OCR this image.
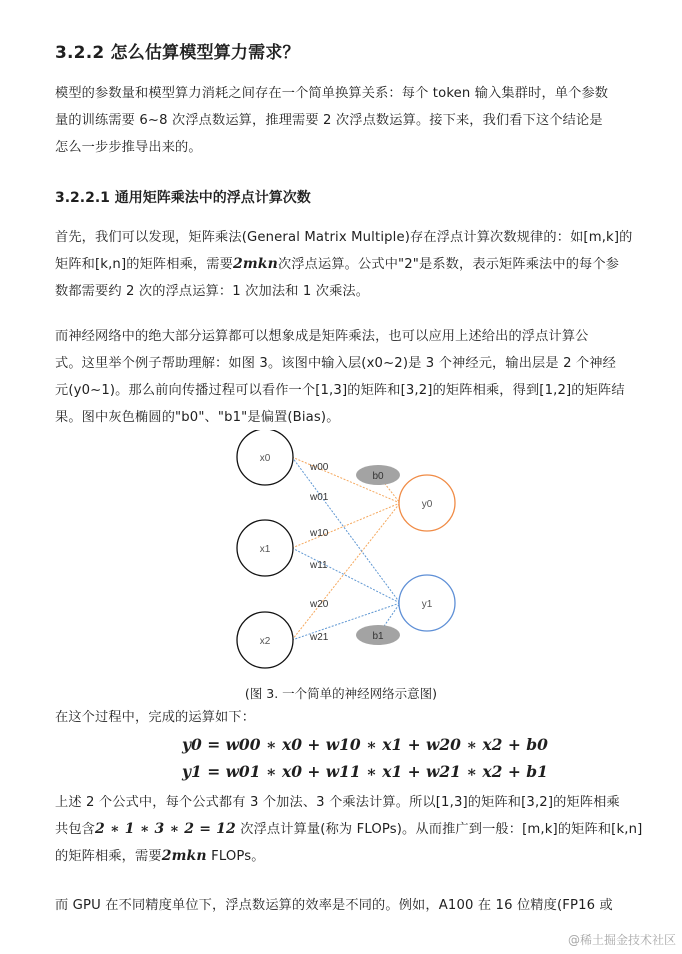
3.2.2 怎么估算模型算力需求？
模型的参数量和模型算力消耗之间存在一个简单换算关系：每个 token 输入集群时，单个参数
量的训练需要 6~8 次浮点数运算，推理需要 2 次浮点数运算。接下来，我们看下这个结论是
怎么一步步推导出来的。
3.2.2.1 通用矩阵乘法中的浮点计算次数
首先，我们可以发现，矩阵乘法(General Matrix Multiple)存在浮点计算次数规律的：如[m,k]的
矩阵和[k,n]的矩阵相乘，需要2mkn次浮点运算。公式中"2"是系数，表示矩阵乘法中的每个参
数都需要约 2 次的浮点运算：1 次加法和 1 次乘法。
而神经网络中的绝大部分运算都可以想象成是矩阵乘法，也可以应用上述给出的浮点计算公
式。这里举个例子帮助理解：如图 3。该图中输入层(x0~2)是 3 个神经元，输出层是 2 个神经
元(y0~1)。那么前向传播过程可以看作一个[1,3]的矩阵和[3,2]的矩阵相乘，得到[1,2]的矩阵结
果。图中灰色椭圆的"b0"、"b1"是偏置(Bias)。
x0
x1
x2
y0
y1
b0
b1
w00
w01
w10
w11
w20
w21
(图 3. 一个简单的神经网络示意图)
在这个过程中，完成的运算如下：
y0 = w00 ∗ x0 + w10 ∗ x1 + w20 ∗ x2 + b0
y1 = w01 ∗ x0 + w11 ∗ x1 + w21 ∗ x2 + b1
上述 2 个公式中，每个公式都有 3 个加法、3 个乘法计算。所以[1,3]的矩阵和[3,2]的矩阵相乘
共包含2 ∗ 1 ∗ 3 ∗ 2 = 12 次浮点计算量(称为 FLOPs)。从而推广到一般：[m,k]的矩阵和[k,n]
的矩阵相乘，需要2mkn FLOPs。
而 GPU 在不同精度单位下，浮点数运算的效率是不同的。例如，A100 在 16 位精度(FP16 或
@稀土掘金技术社区
